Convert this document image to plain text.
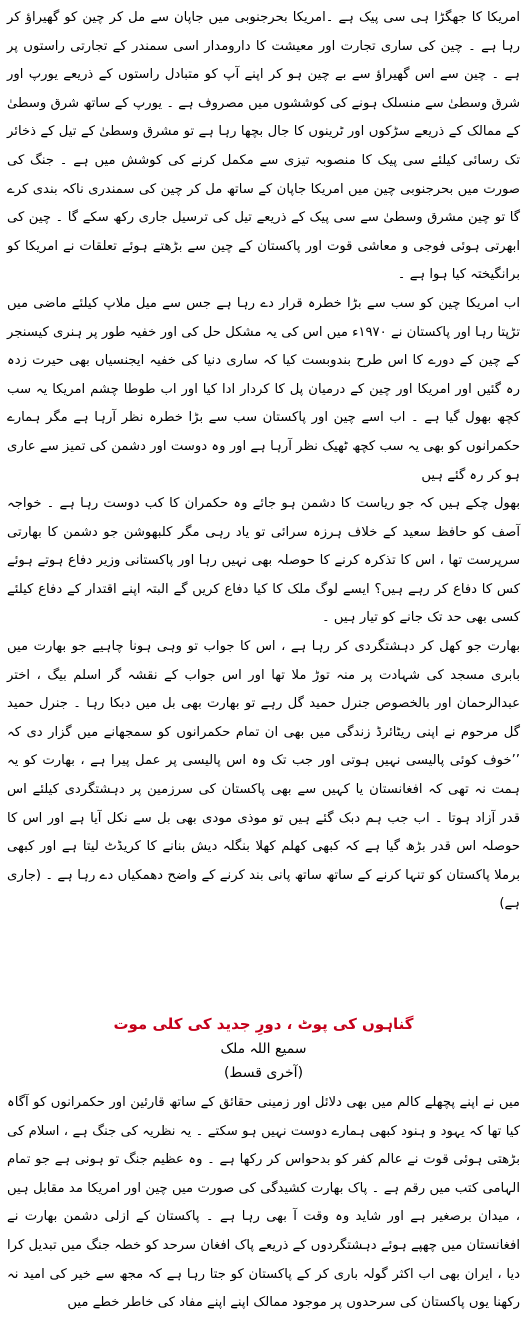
امریکا کا جھگڑا ہی سی پیک ہے ۔امریکا بحرجنوبی میں جاپان سے مل کر چین کو گھیراؤ کر رہا ہے ۔ چین کی ساری تجارت اور معیشت کا دارومدار اسی سمندر کے تجارتی راستوں پر ہے ۔ چین سے اس گھیراؤ سے بے چین ہو کر اپنے آپ کو متبادل راستوں کے ذریعے یورپ اور شرق وسطیٰ سے منسلک ہونے کی کوششوں میں مصروف ہے ۔ یورپ کے ساتھ شرق وسطیٰ کے ممالک کے ذریعے سڑکوں اور ٹرینوں کا جال بچھا رہا ہے تو مشرق وسطیٰ کے تیل کے ذخائر تک رسائی کیلئے سی پیک کا منصوبہ تیزی سے مکمل کرنے کی کوشش میں ہے ۔ جنگ کی صورت میں بحرجنوبی چین میں امریکا جاپان کے ساتھ مل کر چین کی سمندری ناکہ بندی کرے گا تو چین مشرق وسطیٰ سے سی پیک کے ذریعے تیل کی ترسیل جاری رکھ سکے گا ۔ چین کی ابھرتی ہوئی فوجی و معاشی قوت اور پاکستان کے چین سے بڑھتے ہوئے تعلقات نے امریکا کو برانگیختہ کیا ہوا ہے ۔

اب امریکا چین کو سب سے بڑا خطرہ قرار دے رہا ہے جس سے میل ملاپ کیلئے ماضی میں تڑپتا رہا اور پاکستان نے ۱۹۷۰ء میں اس کی یہ مشکل حل کی اور خفیہ طور پر ہنری کیسنجر کے چین کے دورے کا اس طرح بندوبست کیا کہ ساری دنیا کی خفیہ ایجنسیاں بھی حیرت زدہ رہ گئیں اور امریکا اور چین کے درمیان پل کا کردار ادا کیا اور اب طوطا چشم امریکا یہ سب کچھ بھول گیا ہے ۔ اب اسے چین اور پاکستان سب سے بڑا خطرہ نظر آرہا ہے مگر ہمارے حکمرانوں کو بھی یہ سب کچھ ٹھیک نظر آرہا ہے اور وہ دوست اور دشمن کی تمیز سے عاری ہو کر رہ گئے ہیں

بھول چکے ہیں کہ جو ریاست کا دشمن ہو جائے وہ حکمران کا کب دوست رہا ہے ۔ خواجہ آصف کو حافظ سعید کے خلاف ہرزہ سرائی تو یاد رہی مگر کلبھوشن جو دشمن کا بھارتی سرپرست تھا ، اس کا تذکرہ کرنے کا حوصلہ بھی نہیں رہا اور پاکستانی وزیر دفاع ہوتے ہوئے کس کا دفاع کر رہے ہیں؟ ایسے لوگ ملک کا کیا دفاع کریں گے البتہ اپنے اقتدار کے دفاع کیلئے کسی بھی حد تک جانے کو تیار ہیں ۔

بھارت جو کھل کر دہشتگردی کر رہا ہے ، اس کا جواب تو وہی ہونا چاہیے جو بھارت میں بابری مسجد کی شہادت پر منہ توڑ ملا تھا اور اس جواب کے نقشہ گر اسلم بیگ ، اختر عبدالرحمان اور بالخصوص جنرل حمید گل رہے تو بھارت بھی بل میں دبکا رہا ۔ جنرل حمید گل مرحوم نے اپنی ریٹائرڈ زندگی میں بھی ان تمام حکمرانوں کو سمجھانے میں گزار دی کہ ’’خوف کوئی پالیسی نہیں ہوتی اور جب تک وہ اس پالیسی پر عمل پیرا ہے ، بھارت کو یہ ہمت نہ تھی کہ افغانستان یا کہیں سے بھی پاکستان کی سرزمین پر دہشتگردی کیلئے اس قدر آزاد ہوتا ۔ اب جب ہم دبک گئے ہیں تو موذی مودی بھی بل سے نکل آیا ہے اور اس کا حوصلہ اس قدر بڑھ گیا ہے کہ کبھی کھلم کھلا بنگلہ دیش بنانے کا کریڈٹ لیتا ہے اور کبھی برملا پاکستان کو تنہا کرنے کے ساتھ ساتھ پانی بند کرنے کے واضح دھمکیاں دے رہا ہے ۔ (جاری ہے)

گناہوں کی پوٹ ، دورِ جدید کی کلی موت

سمیع اللہ ملک

(آخری قسط)

میں نے اپنے پچھلے کالم میں بھی دلائل اور زمینی حقائق کے ساتھ قارئین اور حکمرانوں کو آگاہ کیا تھا کہ یہود و ہنود کبھی ہمارے دوست نہیں ہو سکتے ۔ یہ نظریہ کی جنگ ہے ، اسلام کی بڑھتی ہوئی قوت نے عالم کفر کو بدحواس کر رکھا ہے ۔ وہ عظیم جنگ تو ہونی ہے جو تمام الہامی کتب میں رقم ہے ۔ پاک بھارت کشیدگی کی صورت میں چین اور امریکا مد مقابل ہیں ، میدان برصغیر ہے اور شاید وہ وقت آ بھی رہا ہے ۔ پاکستان کے ازلی دشمن بھارت نے افغانستان میں چھپے ہوئے دہشتگردوں کے ذریعے پاک افغان سرحد کو خطہ جنگ میں تبدیل کرا دیا ، ایران بھی اب اکثر گولہ باری کر کے پاکستان کو جتا رہا ہے کہ مجھ سے خیر کی امید نہ رکھنا یوں پاکستان کی سرحدوں پر موجود ممالک اپنے اپنے مفاد کی خاطر خطے میں
